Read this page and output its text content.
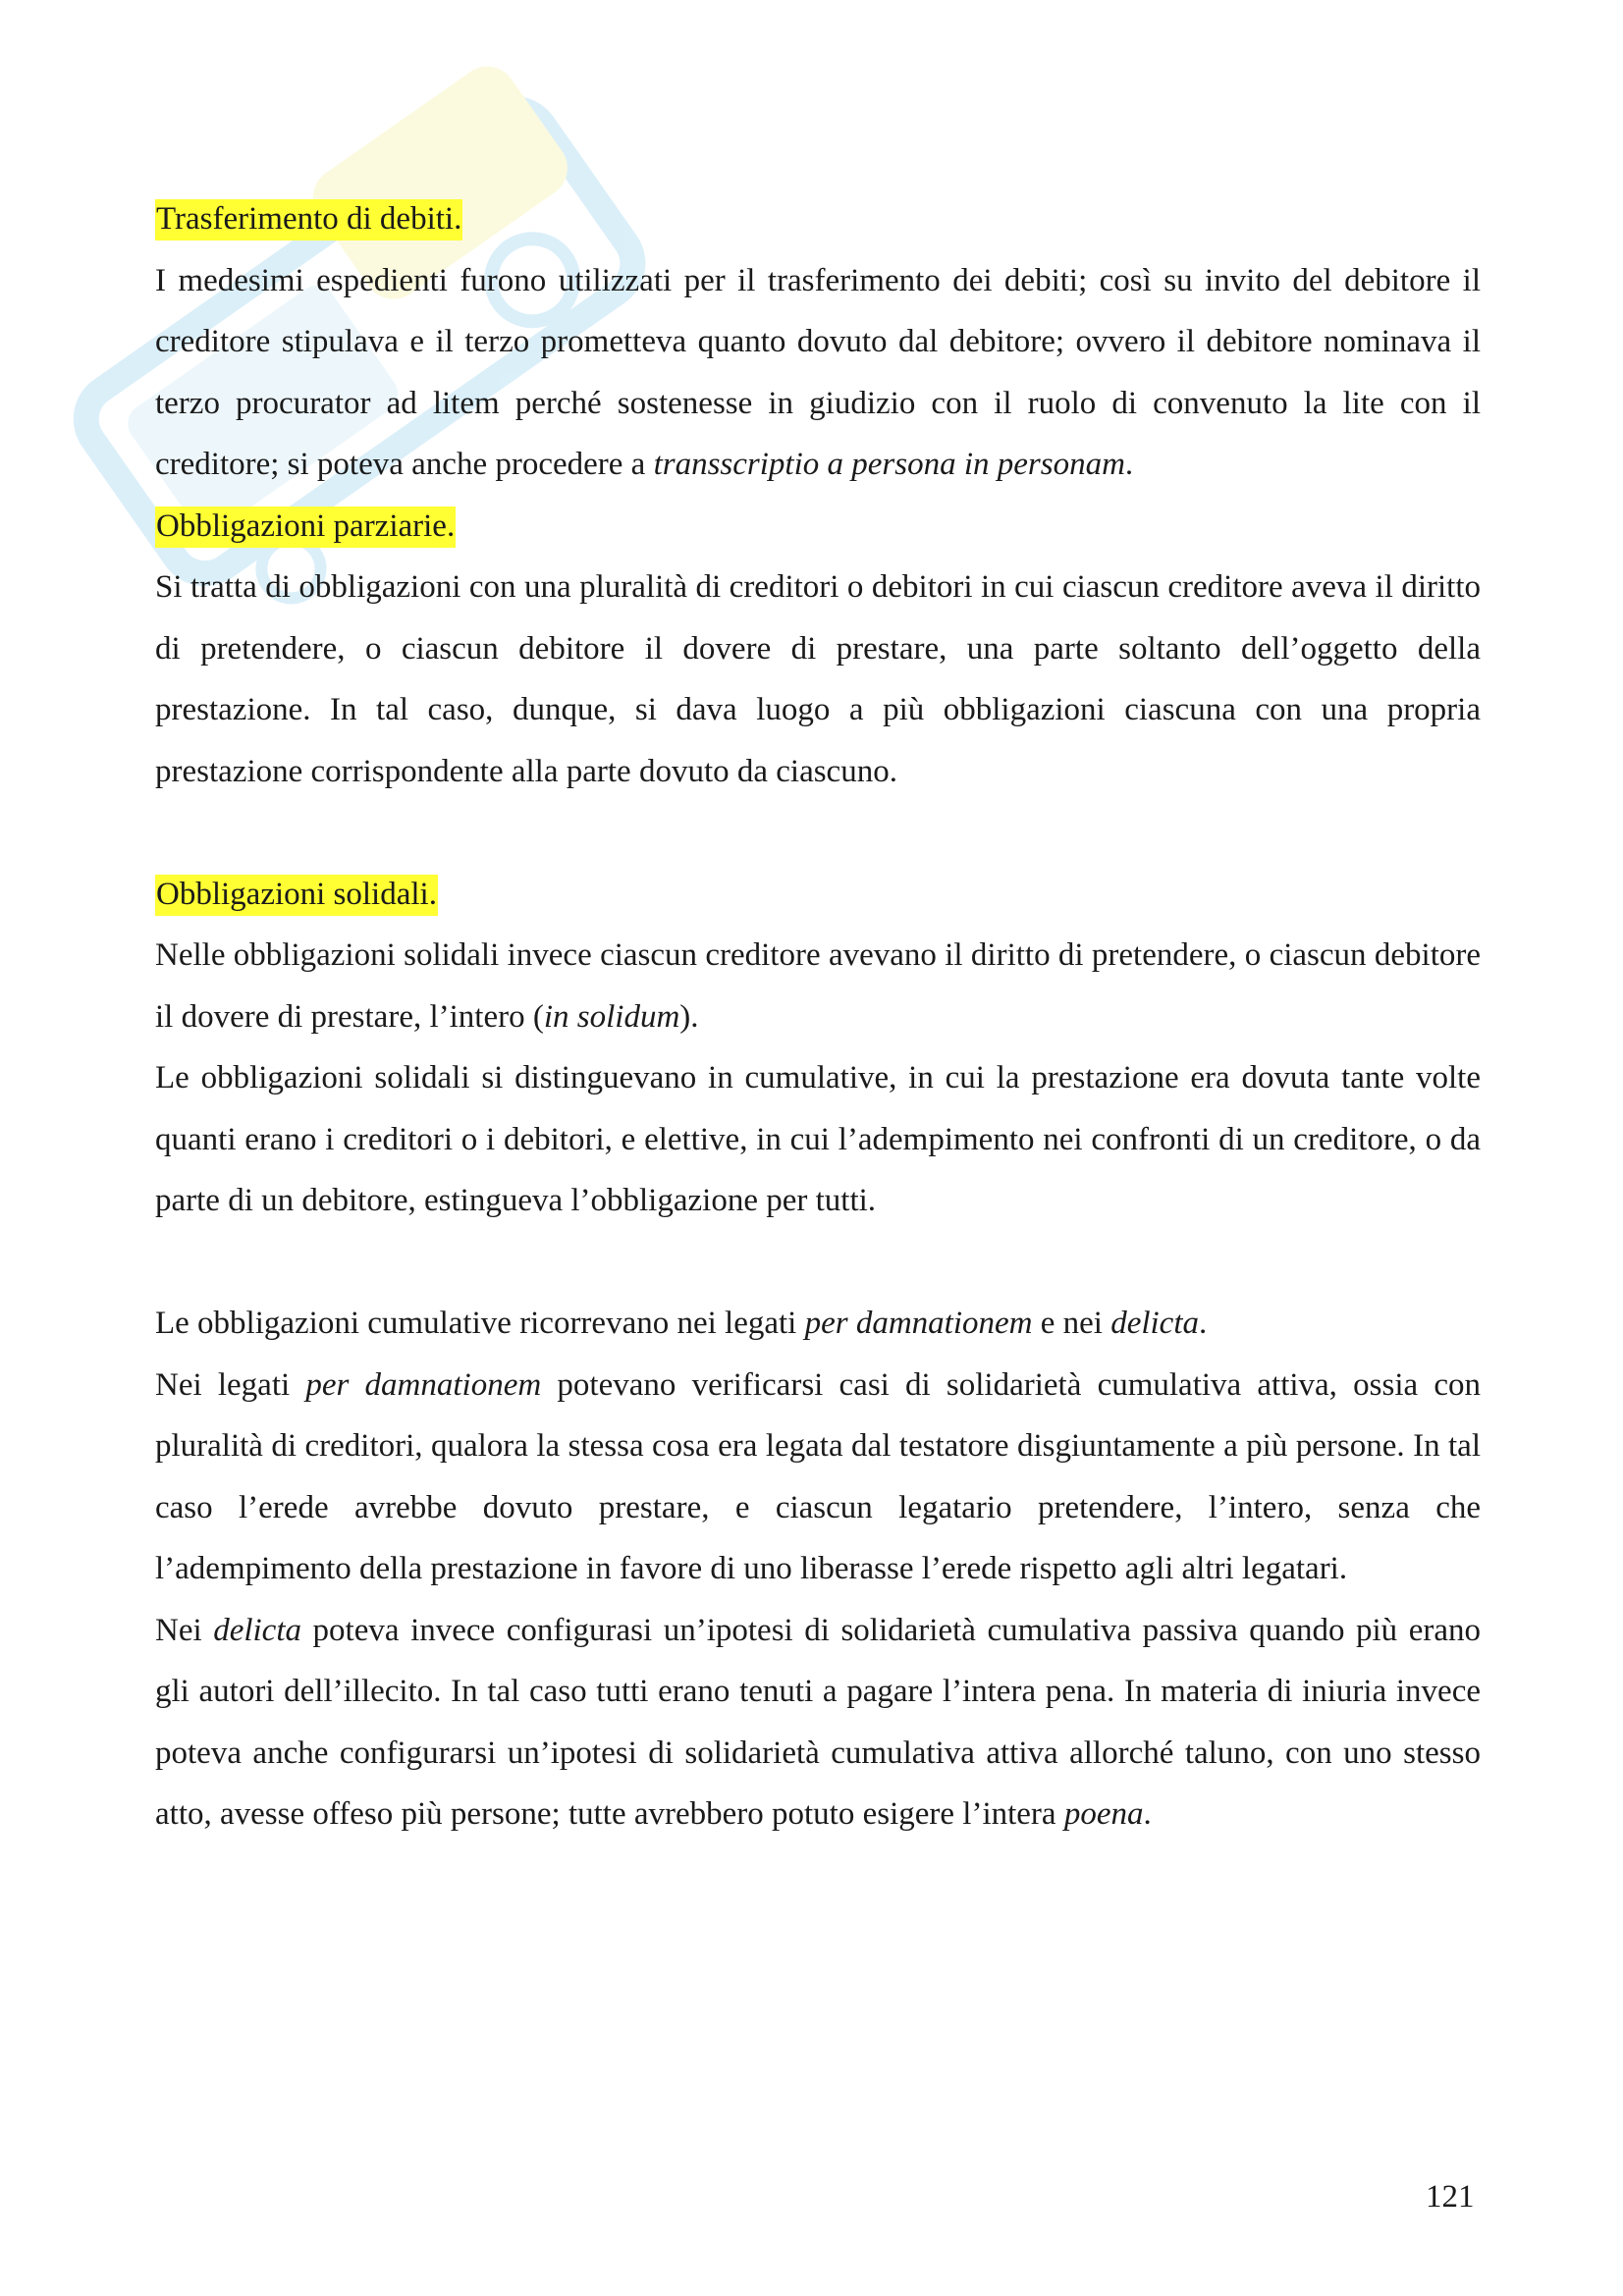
Trasferimento di debiti.

I medesimi espedienti furono utilizzati per il trasferimento dei debiti; così su invito del debitore il creditore stipulava e il terzo prometteva quanto dovuto dal debitore; ovvero il debitore nominava il terzo procurator ad litem perché sostenesse in giudizio con il ruolo di convenuto la lite con il creditore; si poteva anche procedere a transscriptio a persona in personam.

Obbligazioni parziarie.

Si tratta di obbligazioni con una pluralità di creditori o debitori in cui ciascun creditore aveva il diritto di pretendere, o ciascun debitore il dovere di prestare, una parte soltanto dell’oggetto della prestazione. In tal caso, dunque, si dava luogo a più obbligazioni ciascuna con una propria prestazione corrispondente alla parte dovuto da ciascuno.

Obbligazioni solidali.

Nelle obbligazioni solidali invece ciascun creditore avevano il diritto di pretendere, o ciascun debitore il dovere di prestare, l’intero (in solidum).

Le obbligazioni solidali si distinguevano in cumulative, in cui la prestazione era dovuta tante volte quanti erano i creditori o i debitori, e elettive, in cui l’adempimento nei confronti di un creditore, o da parte di un debitore, estingueva l’obbligazione per tutti.

Le obbligazioni cumulative ricorrevano nei legati per damnationem e nei delicta.

Nei legati per damnationem potevano verificarsi casi di solidarietà cumulativa attiva, ossia con pluralità di creditori, qualora la stessa cosa era legata dal testatore disgiuntamente a più persone. In tal caso l’erede avrebbe dovuto prestare, e ciascun legatario pretendere, l’intero, senza che l’adempimento della prestazione in favore di uno liberasse l’erede rispetto agli altri legatari.

Nei delicta poteva invece configurasi un’ipotesi di solidarietà cumulativa passiva quando più erano gli autori dell’illecito. In tal caso tutti erano tenuti a pagare l’intera pena. In materia di iniuria invece poteva anche configurarsi un’ipotesi di solidarietà cumulativa attiva allorché taluno, con uno stesso atto, avesse offeso più persone; tutte avrebbero potuto esigere l’intera poena.

121
